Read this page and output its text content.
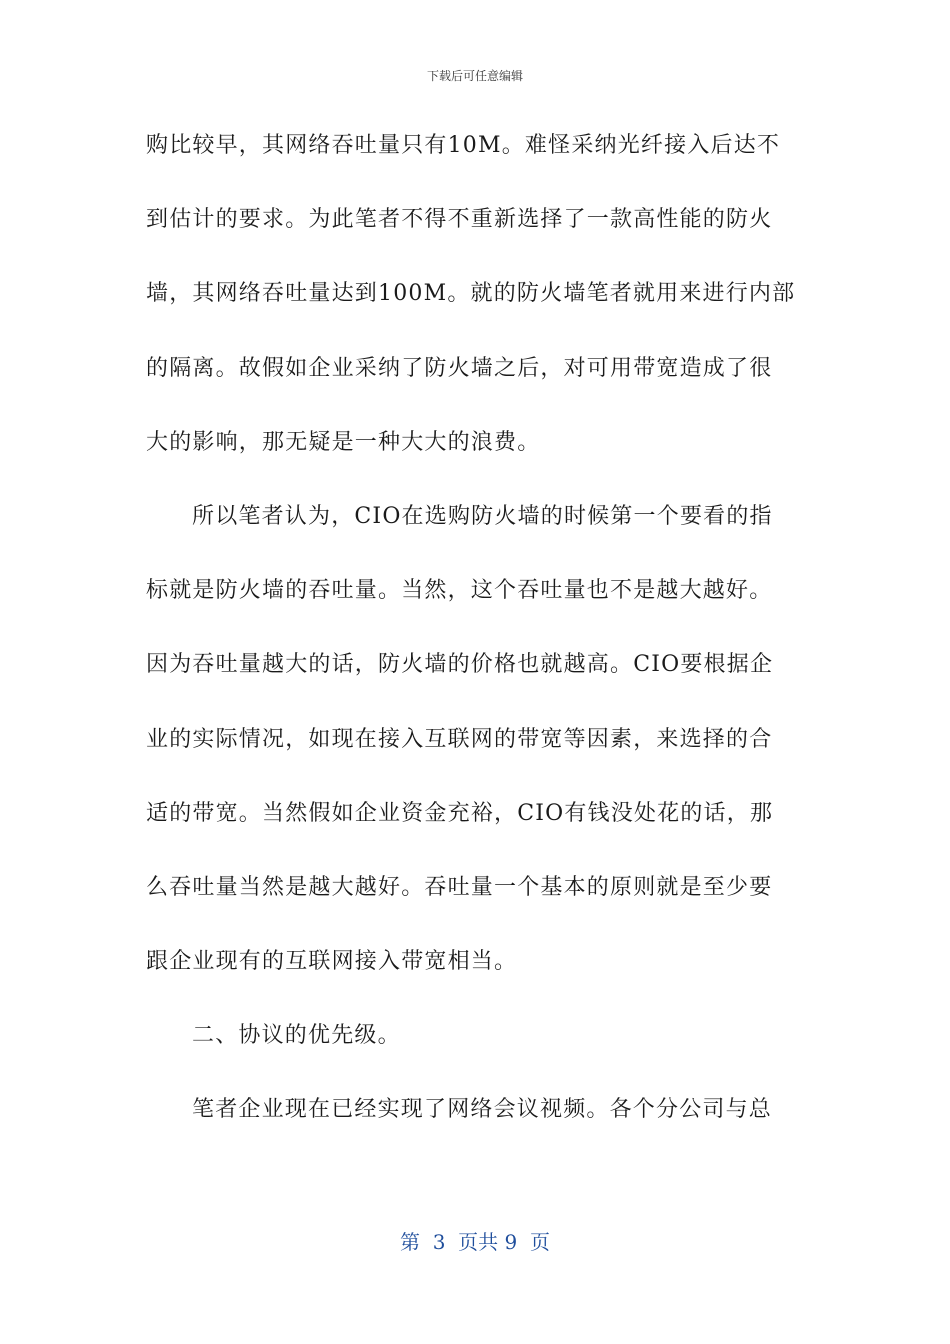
下载后可任意编辑
购比较早，其网络吞吐量只有10M。难怪采纳光纤接入后达不
到估计的要求。为此笔者不得不重新选择了一款高性能的防火
墙，其网络吞吐量达到100M。就的防火墙笔者就用来进行内部
的隔离。故假如企业采纳了防火墙之后，对可用带宽造成了很
大的影响，那无疑是一种大大的浪费。
所以笔者认为，CIO在选购防火墙的时候第一个要看的指
标就是防火墙的吞吐量。当然，这个吞吐量也不是越大越好。
因为吞吐量越大的话，防火墙的价格也就越高。CIO要根据企
业的实际情况，如现在接入互联网的带宽等因素，来选择的合
适的带宽。当然假如企业资金充裕，CIO有钱没处花的话，那
么吞吐量当然是越大越好。吞吐量一个基本的原则就是至少要
跟企业现有的互联网接入带宽相当。
二、协议的优先级。
笔者企业现在已经实现了网络会议视频。各个分公司与总
第  3  页共 9  页
